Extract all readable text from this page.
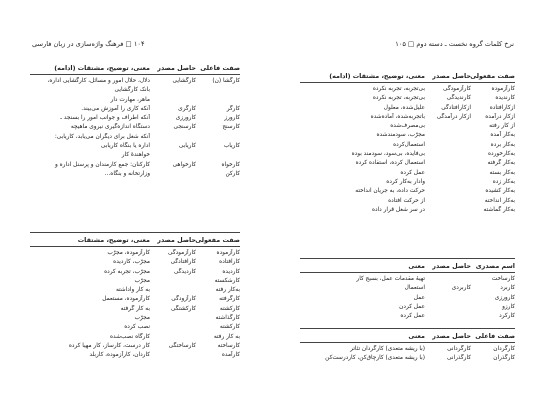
۱۰۴ □ فرهنگ واژه‌سازی در زبان فارسی
صفت فاعلی
حاصل مصدر
معنی، توضیح، مشتقات (ادامه)
کارگشا (ن)
کارگشایی
دلال، حلال امور و مسائل، کارگشایی اداره،
بانک کارگشایی
ماهر، مهارت دار
کارگر
کارگری
آنکه کاری را آموزش می‌بیند.
کارورز
کارورزی
آنکه اطراف و جوانب امور را بسنجد ـ
کارسنج
کارسنجی
دستگاه اندازه‌گیری نیروی ماهیچه
آنکه شغل برای دیگران می‌یابد، کاریابی:
کاریاب
کاریابی
اداره یا بنگاه کاریابی
خواهندهٔ کار
کارخواه
کارخواهی
کارکنان: جمع کارمندان و پرسنل اداره و
کارکن
وزارتخانه و بنگاه...
صفت مفعولی
حاصل مصدر
معنی، توضیح، مشتقات
کارآزموده
کارآزمودگی
کارآزموده، مجرّب
کارافتاده
کارافتادگی
مجرّب، کاردیده
کاردیده
کاردیدگی
مجرّب، تجربه کرده
کارشکسته
مجرّب
به‌کار رفته
به کار واداشته
کارگرفته
کارآزودگی
کارآزموده، مستعمل
کارکشته
کارکشتگی
به کار گرفته
کارگذاشته
مجرّب
کارکشته
نصب کرده
به کار رفته
کارگاه نصب‌شده
کارساخته
کارساختگی
کار درست، کارساز، کار مهیا کرده
کارآمده
کاردان، کارآزموده، کاربلد
نرخ کلمات گروه نخست ـ دسته دوم □ ۱۰۵
صفت مفعولی
حاصل مصدر
معنی، توضیح، مشتقات (ادامه)
کارآزموده
کارآزمودگی
بی‌تجربه، تجربه نکرده
کارندیده
کارندیدگی
بی‌تجربه، تجربه نکرده
ازکارافتاده
ازکارافتادگی
علیل‌شده، معلول
ازکار درآمده
ازکار درآمدگی
باتجربه‌شده، آماده‌شده
از کار رفته
بی‌مصرف‌شده
به‌کار آمده
مجرّب، سودمندشده
به‌کار برده
استعمال‌کرده
به‌کارخورده
بی‌فایده، بی‌سود، سودمند بوده
به‌کار گرفته
استعمال کرده، استفاده کرده
به‌کار بسته
عمل کرده
به‌کار زده
وادار به‌کار کرده
به‌کار کشیده
حرکت داده، به جریان انداخته
به‌کار انداخته
از حرکت افتاده
به‌کار گماشته
در سر شغل قرار داده
اسم مصدری
حاصل مصدر
معنی
کارساخت
تهیهٔ مقدمات عمل، بسیج کار
کاربرد
کاربردی
استعمال
کارورزی
عمل
کارزو
عمل کردن
کارکرد
عمل کرده
صفت فاعلی
حاصل مصدر
معنی
کارگردان
کارگردانی
(با ریشه متعدی) کارگردان تئاتر
کارگذران
کارگذرانی
(با ریشه متعدی) کارچاق‌کن، کاردرست‌کن
